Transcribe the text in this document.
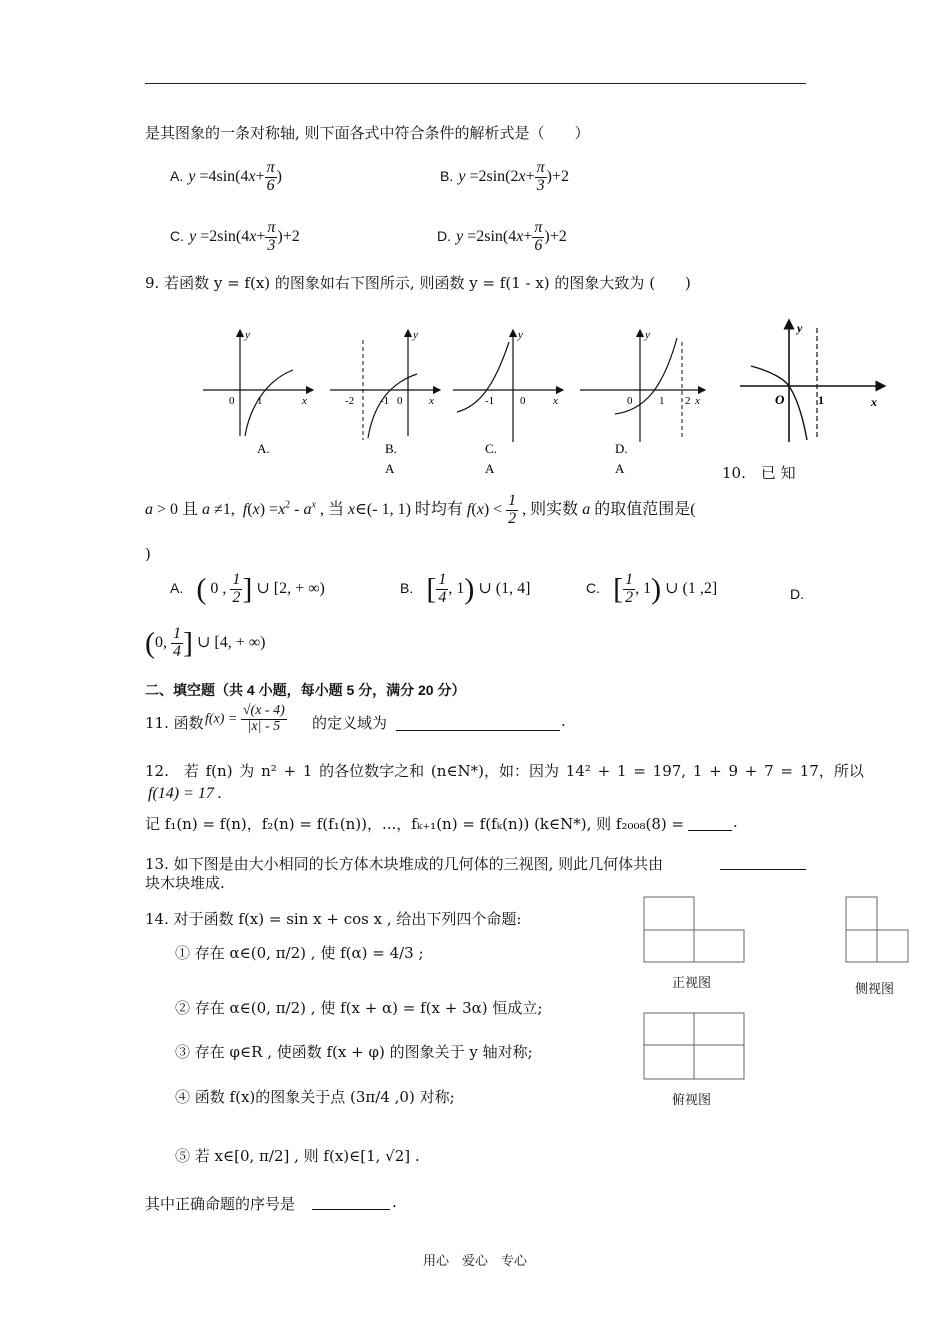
是其图象的一条对称轴, 则下面各式中符合条件的解析式是（　　）
A. $y =4\sin(4x+ \frac{\pi}{6}$ )	B. $y =2\sin(2x+ \frac{\pi}{3} )+2$
C. $y =2\sin(4x+ \frac{\pi}{3} )+2$	D. $y =2\sin(4x+ \frac{\pi}{6} )+2$
9. 若函数 y = f(x) 的图象如右下图所示, 则函数 y = f(1 - x) 的图象大致为 (　　)
y
x
0 1
A.
y
x
-2 -1 0
B.
y
x
-1 0
C.
y
x
0 1 2
D.
y
x
O	1
A	A	A	10.　已 知
a > 0 且 a ≠1,  $f(x) =x^2 - a^x$ , 当 x∈(- 1, 1) 时均有 $f(x) < \frac{1}{2}$ , 则实数 a 的取值范围是(
)
A. ( 0 , $\frac{1}{2}$ ] ∪ [2, + ∞)	B. [ $\frac{1}{4}$ , 1) ∪ (1, 4]	C. [ $\frac{1}{2}$ , 1) ∪ (1 ,2]	D.
(0, $\frac{1}{4}$ ] ∪ [4, + ∞)
二、填空题（共 4 小题，每小题 5 分，满分 20 分）
11. 函数 $f(x) = \frac{√(x - 4)}{|x| - 5}$ 的定义域为	.
12.　若 f(n) 为 n² + 1 的各位数字之和 (n∈N*)，如：因为 14² + 1 = 197, 1 + 9 + 7 = 17，所以
f(14) = 17 .
记 f₁(n) = f(n)，f₂(n) = f(f₁(n))，...，fₖ₊₁(n) = f(fₖ(n)) (k∈N*), 则 f₂₀₀₈(8) =	.
13. 如下图是由大小相同的长方体木块堆成的几何体的三视图, 则此几何体共由
块木块堆成.
正视图	侧视图
俯视图
14. 对于函数 f(x) = sin x + cos x , 给出下列四个命题:
① 存在 α∈(0, π/2) , 使 f(α) = 4/3 ;
② 存在 α∈(0, π/2) , 使 f(x + α) = f(x + 3α) 恒成立;
③ 存在 φ∈R , 使函数 f(x + φ) 的图象关于 y 轴对称;
④ 函数 f(x)的图象关于点 (3π/4 ,0) 对称;
⑤ 若 x∈[0, π/2] , 则 f(x)∈[1, √2] .
其中正确命题的序号是	.
用心　爱心　专心
